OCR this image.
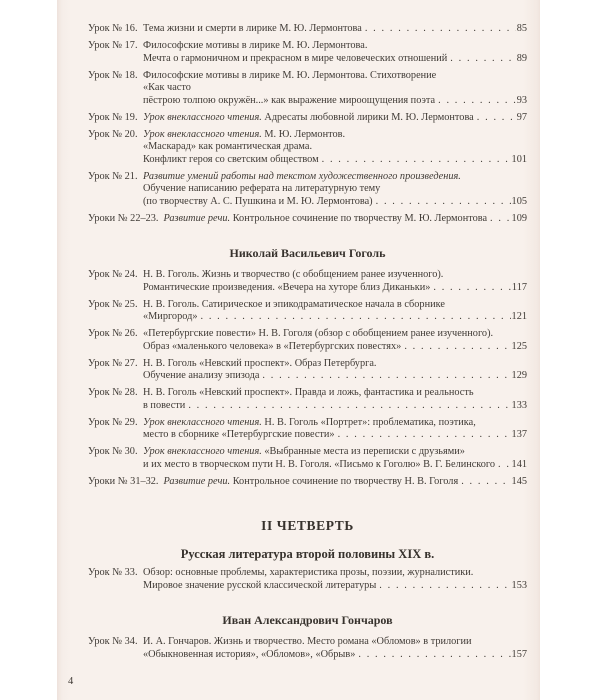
Урок № 16. Тема жизни и смерти в лирике М. Ю. Лермонтова . . .	85
Урок № 17. Философские мотивы в лирике М. Ю. Лермонтова.
Мечта о гармоничном и прекрасном в мире человеческих отношений . . .	89
Урок № 18. Философские мотивы в лирике М. Ю. Лермонтова. Стихотворение
«Как часто
пёстрою толпою окружён...» как выражение мироощущения поэта . . .	93
Урок № 19. Урок внеклассного чтения. Адресаты любовной лирики М. Ю. Лермонтова . . .	97
Урок № 20. Урок внеклассного чтения. М. Ю. Лермонтов.
«Маскарад» как романтическая драма.
Конфликт героя со светским обществом . . .	101
Урок № 21. Развитие умений работы над текстом художественного произведения.
Обучение написанию реферата на литературную тему
(по творчеству А. С. Пушкина и М. Ю. Лермонтова) . . .	105
Уроки № 22–23. Развитие речи. Контрольное сочинение по творчеству М. Ю. Лермонтова . . . 109
Николай Васильевич Гоголь
Урок № 24. Н. В. Гоголь. Жизнь и творчество (с обобщением ранее изученного).
Романтические произведения. «Вечера на хуторе близ Диканьки» . . .	117
Урок № 25. Н. В. Гоголь. Сатирическое и эпикодраматическое начала в сборнике
«Миргород» . . .	121
Урок № 26. «Петербургские повести» Н. В. Гоголя (обзор с обобщением ранее изученного).
Образ «маленького человека» в «Петербургских повестях» . . .	125
Урок № 27. Н. В. Гоголь «Невский проспект». Образ Петербурга.
Обучение анализу эпизода . . .	129
Урок № 28. Н. В. Гоголь «Невский проспект». Правда и ложь, фантастика и реальность
в повести . . .	133
Урок № 29. Урок внеклассного чтения. Н. В. Гоголь «Портрет»: проблематика, поэтика,
место в сборнике «Петербургские повести» . . .	137
Урок № 30. Урок внеклассного чтения. «Выбранные места из переписки с друзьями»
и их место в творческом пути Н. В. Гоголя. «Письмо к Гоголю» В. Г. Белинского . . . 141
Уроки № 31–32. Развитие речи. Контрольное сочинение по творчеству Н. В. Гоголя . . .	145
II ЧЕТВЕРТЬ
Русская литература второй половины XIX в.
Урок № 33. Обзор: основные проблемы, характеристика прозы, поэзии, журналистики.
Мировое значение русской классической литературы . . .	153
Иван Александрович Гончаров
Урок № 34. И. А. Гончаров. Жизнь и творчество. Место романа «Обломов» в трилогии
«Обыкновенная история», «Обломов», «Обрыв» . . .	157
4
